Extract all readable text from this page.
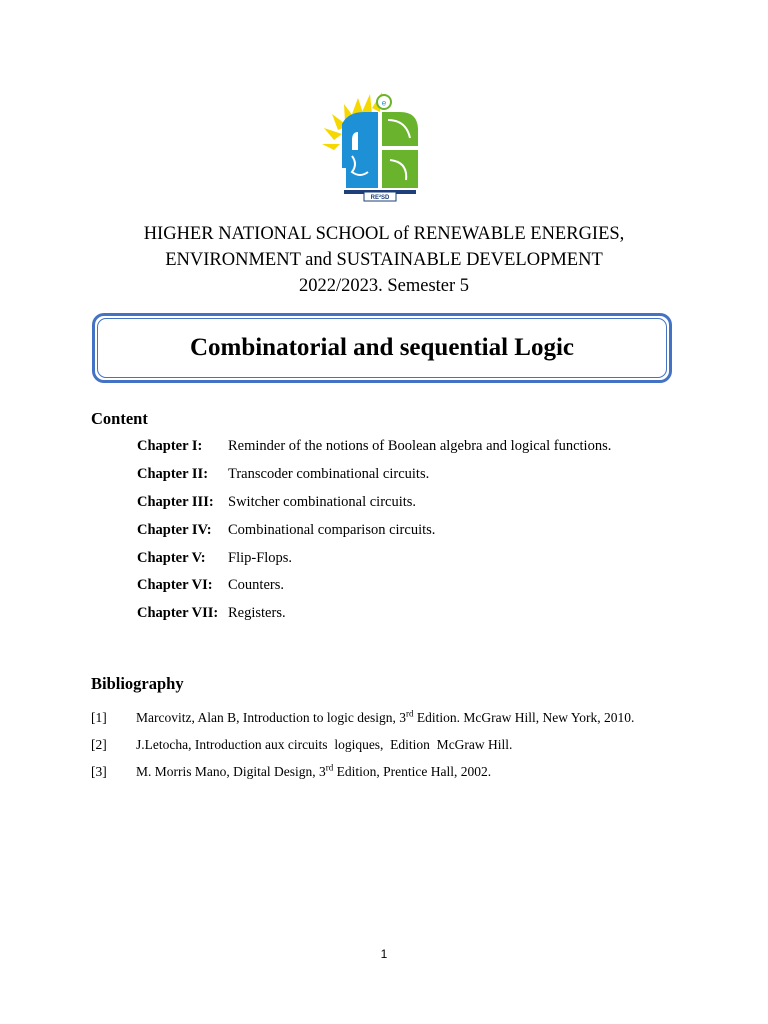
e
RE²SD
HIGHER NATIONAL SCHOOL of RENEWABLE ENERGIES,
ENVIRONMENT and SUSTAINABLE DEVELOPMENT
2022/2023. Semester 5
Combinatorial and sequential Logic
Content
Chapter I: Reminder of the notions of Boolean algebra and logical functions.
Chapter II: Transcoder combinational circuits.
Chapter III: Switcher combinational circuits.
Chapter IV: Combinational comparison circuits.
Chapter V: Flip-Flops.
Chapter VI: Counters.
Chapter VII: Registers.
Bibliography
[1] Marcovitz, Alan B, Introduction to logic design, 3rd Edition. McGraw Hill, New York, 2010.
[2] J.Letocha, Introduction aux circuits  logiques,  Edition  McGraw Hill.
[3] M. Morris Mano, Digital Design, 3rd Edition, Prentice Hall, 2002.
1
